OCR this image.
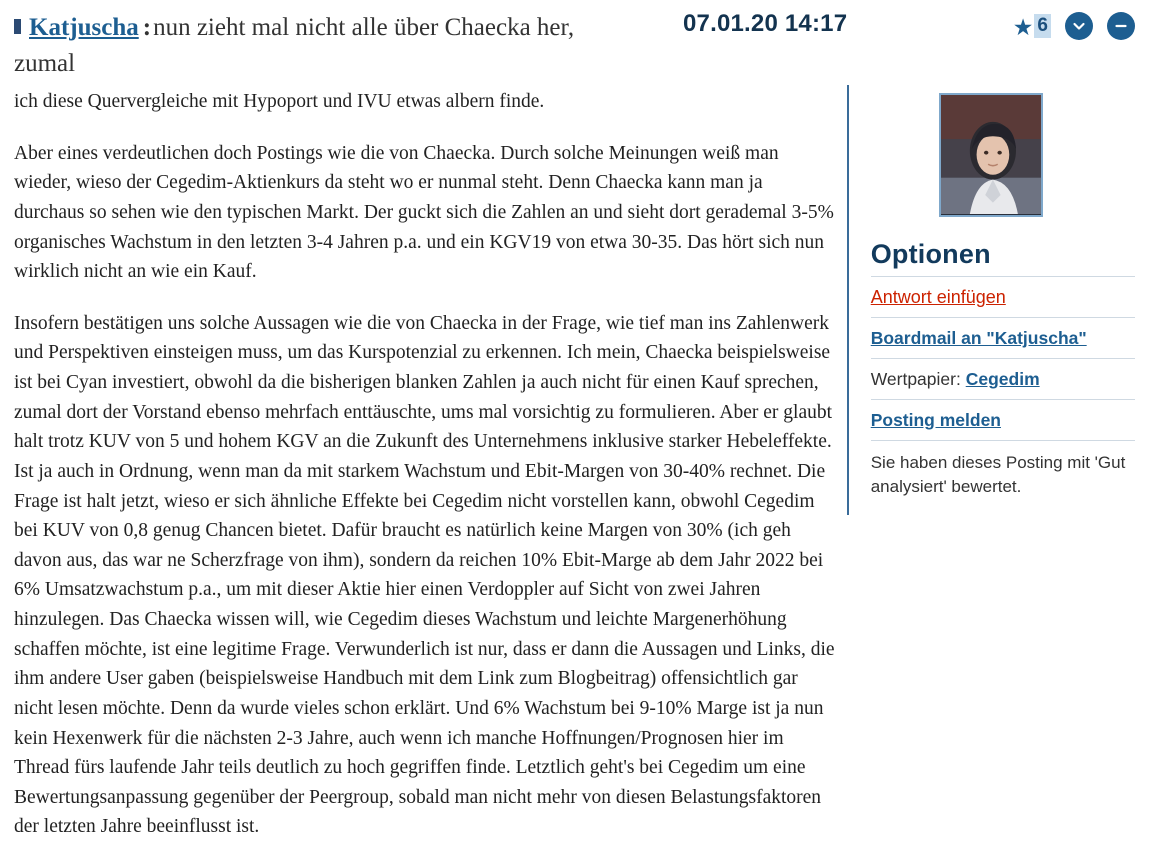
Katjuscha :nun zieht mal nicht alle über Chaecka her,
zumal
07.01.20 14:17	★ 6

ich diese Quervergleiche mit Hypoport und IVU etwas albern finde.

Aber eines verdeutlichen doch Postings wie die von Chaecka. Durch solche Meinungen weiß man wieder, wieso der Cegedim-Aktienkurs da steht wo er nunmal steht. Denn Chaecka kann man ja durchaus so sehen wie den typischen Markt. Der guckt sich die Zahlen an und sieht dort gerademal 3-5% organisches Wachstum in den letzten 3-4 Jahren p.a. und ein KGV19 von etwa 30-35. Das hört sich nun wirklich nicht an wie ein Kauf.

Insofern bestätigen uns solche Aussagen wie die von Chaecka in der Frage, wie tief man ins Zahlenwerk und Perspektiven einsteigen muss, um das Kurspotenzial zu erkennen. Ich mein, Chaecka beispielsweise ist bei Cyan investiert, obwohl da die bisherigen blanken Zahlen ja auch nicht für einen Kauf sprechen, zumal dort der Vorstand ebenso mehrfach enttäuschte, ums mal vorsichtig zu formulieren. Aber er glaubt halt trotz KUV von 5 und hohem KGV an die Zukunft des Unternehmens inklusive starker Hebeleffekte. Ist ja auch in Ordnung, wenn man da mit starkem Wachstum und Ebit-Margen von 30-40% rechnet. Die Frage ist halt jetzt, wieso er sich ähnliche Effekte bei Cegedim nicht vorstellen kann, obwohl Cegedim bei KUV von 0,8 genug Chancen bietet. Dafür braucht es natürlich keine Margen von 30% (ich geh davon aus, das war ne Scherzfrage von ihm), sondern da reichen 10% Ebit-Marge ab dem Jahr 2022 bei 6% Umsatzwachstum p.a., um mit dieser Aktie hier einen Verdoppler auf Sicht von zwei Jahren hinzulegen. Das Chaecka wissen will, wie Cegedim dieses Wachstum und leichte Margenerhöhung schaffen möchte, ist eine legitime Frage. Verwunderlich ist nur, dass er dann die Aussagen und Links, die ihm andere User gaben (beispielsweise Handbuch mit dem Link zum Blogbeitrag) offensichtlich gar nicht lesen möchte. Denn da wurde vieles schon erklärt. Und 6% Wachstum bei 9-10% Marge ist ja nun kein Hexenwerk für die nächsten 2-3 Jahre, auch wenn ich manche Hoffnungen/Prognosen hier im Thread fürs laufende Jahr teils deutlich zu hoch gegriffen finde. Letztlich geht's bei Cegedim um eine Bewertungsanpassung gegenüber der Peergroup, sobald man nicht mehr von diesen Belastungsfaktoren der letzten Jahre beeinflusst ist.

Optionen
Antwort einfügen
Boardmail an "Katjuscha"
Wertpapier: Cegedim
Posting melden
Sie haben dieses Posting mit 'Gut analysiert' bewertet.
